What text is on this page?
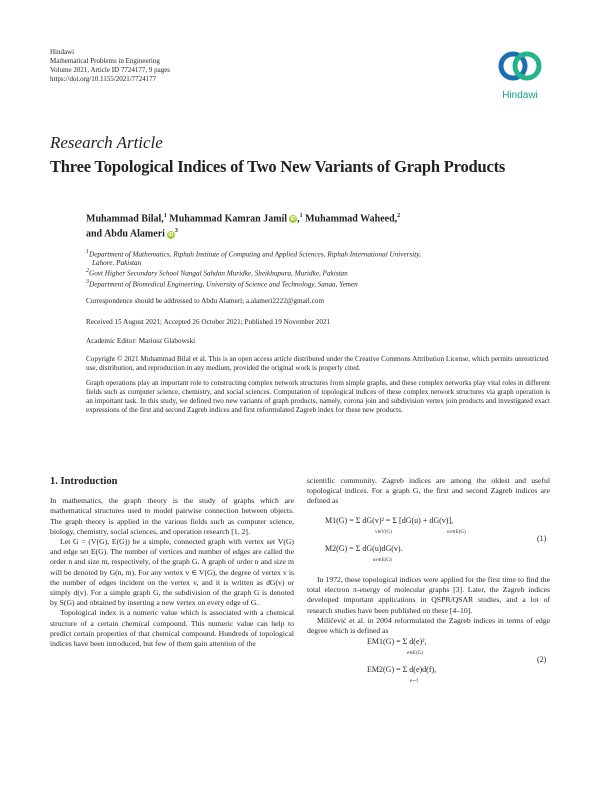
Hindawi
Mathematical Problems in Engineering
Volume 2021, Article ID 7724177, 9 pages
https://doi.org/10.1155/2021/7724177
Hindawi
Research Article
Three Topological Indices of Two New Variants of Graph Products
Muhammad Bilal,$^1$ Muhammad Kamran Jamil iD ,$^1$ Muhammad Waheed,$^2$
and Abdu Alameri $iD^3$
$^1$Department of Mathematics, Riphah Institute of Computing and Applied Sciences, Riphah International University,
Lahore, Pakistan
$^2$Govt Higher Secondary School Nangal Sahdan Muridke, Sheikhupura, Muridke, Pakistan
$^3$Department of Biomedical Engineering, University of Science and Technology, Sanaa, Yemen
Correspondence should be addressed to Abdu Alameri; a.alameri2222@gmail.com
Received 15 August 2021; Accepted 26 October 2021; Published 19 November 2021
Academic Editor: Mariusz Glabowski
Copyright © 2021 Muhammad Bilal et al. This is an open access article distributed under the Creative Commons Attribution License, which permits unrestricted use, distribution, and reproduction in any medium, provided the original work is properly cited.
Graph operations play an important role to constructing complex network structures from simple graphs, and these complex networks play vital roles in different fields such as computer science, chemistry, and social sciences. Computation of topological indices of these complex network structures via graph operation is an important task. In this study, we defined two new variants of graph products, namely, corona join and subdivision vertex join products and investigated exact expressions of the first and second Zagreb indices and first reformulated Zagreb index for these new products.
1. Introduction

In mathematics, the graph theory is the study of graphs which are mathematical structures used to model pairwise connection between objects. The graph theory is applied in the various fields such as computer science, biology, chemistry, social sciences, and operation research [1, 2].

Let G = (V(G), E(G)) be a simple, connected graph with vertex set V(G) and edge set E(G). The number of vertices and number of edges are called the order n and size m, respectively, of the graph G. A graph of order n and size m will be denoted by G(n, m). For any vertex v ∈ V(G), the degree of vertex v is the number of edges incident on the vertex v, and it is written as dG(v) or simply d(v). For a simple graph G, the subdivision of the graph G is denoted by S(G) and obtained by inserting a new vertex on every edge of G.

Topological index is a numeric value which is associated with a chemical structure of a certain chemical compound. This numeric value can help to predict certain properties of that chemical compound. Hundreds of topological indices have been introduced, but few of them gain attention of the

scientific community. Zagreb indices are among the oldest and useful topological indices. For a graph G, the first and second Zagreb indices are defined as

M1(G) = Σ dG(v)² = Σ [dG(u) + dG(v)],
v∈V(G)	uv∈E(G)
M2(G) = Σ dG(u)dG(v).
uv∈E(G)
(1)

In 1972, these topological indices were applied for the first time to find the total electron π-energy of molecular graphs [3]. Later, the Zagreb indices developed important applications in QSPR/QSAR studies, and a lot of research studies have been published on these [4–10].

Miličević et al. in 2004 reformulated the Zagreb indices in terms of edge degree which is defined as

EM1(G) = Σ d(e)²,
e∈E(G)
EM2(G) = Σ d(e)d(f),
e∼f
(2)
